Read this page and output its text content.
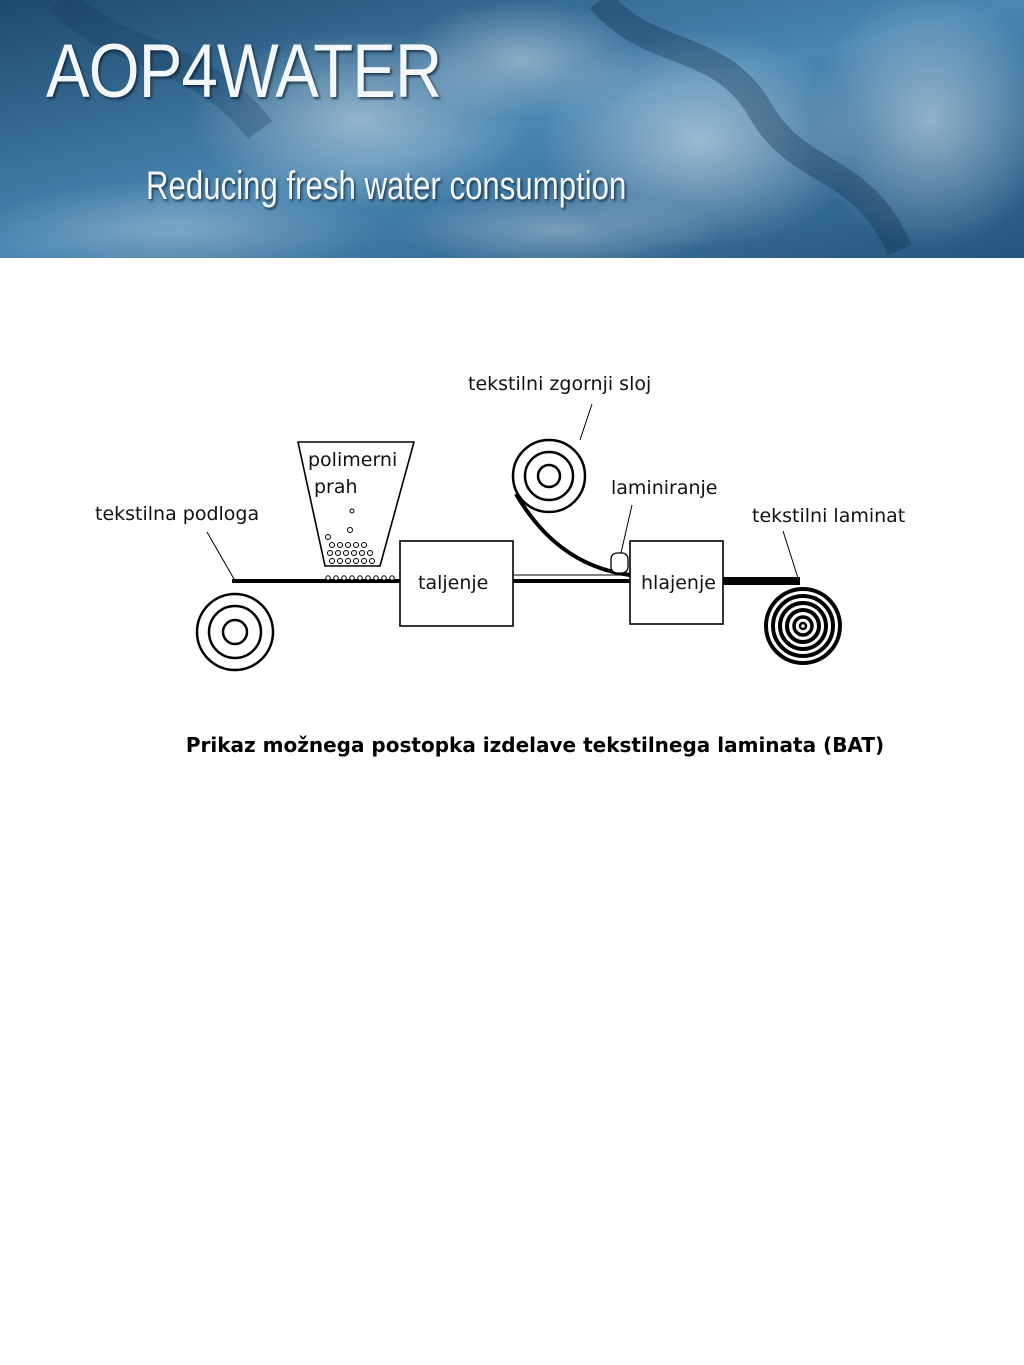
AOP4WATER
Reducing fresh water consumption
tekstilna podloga
polimerni
prah
taljenje
tekstilni zgornji sloj
laminiranje
hlajenje
tekstilni laminat
Prikaz možnega postopka izdelave tekstilnega laminata (BAT)
